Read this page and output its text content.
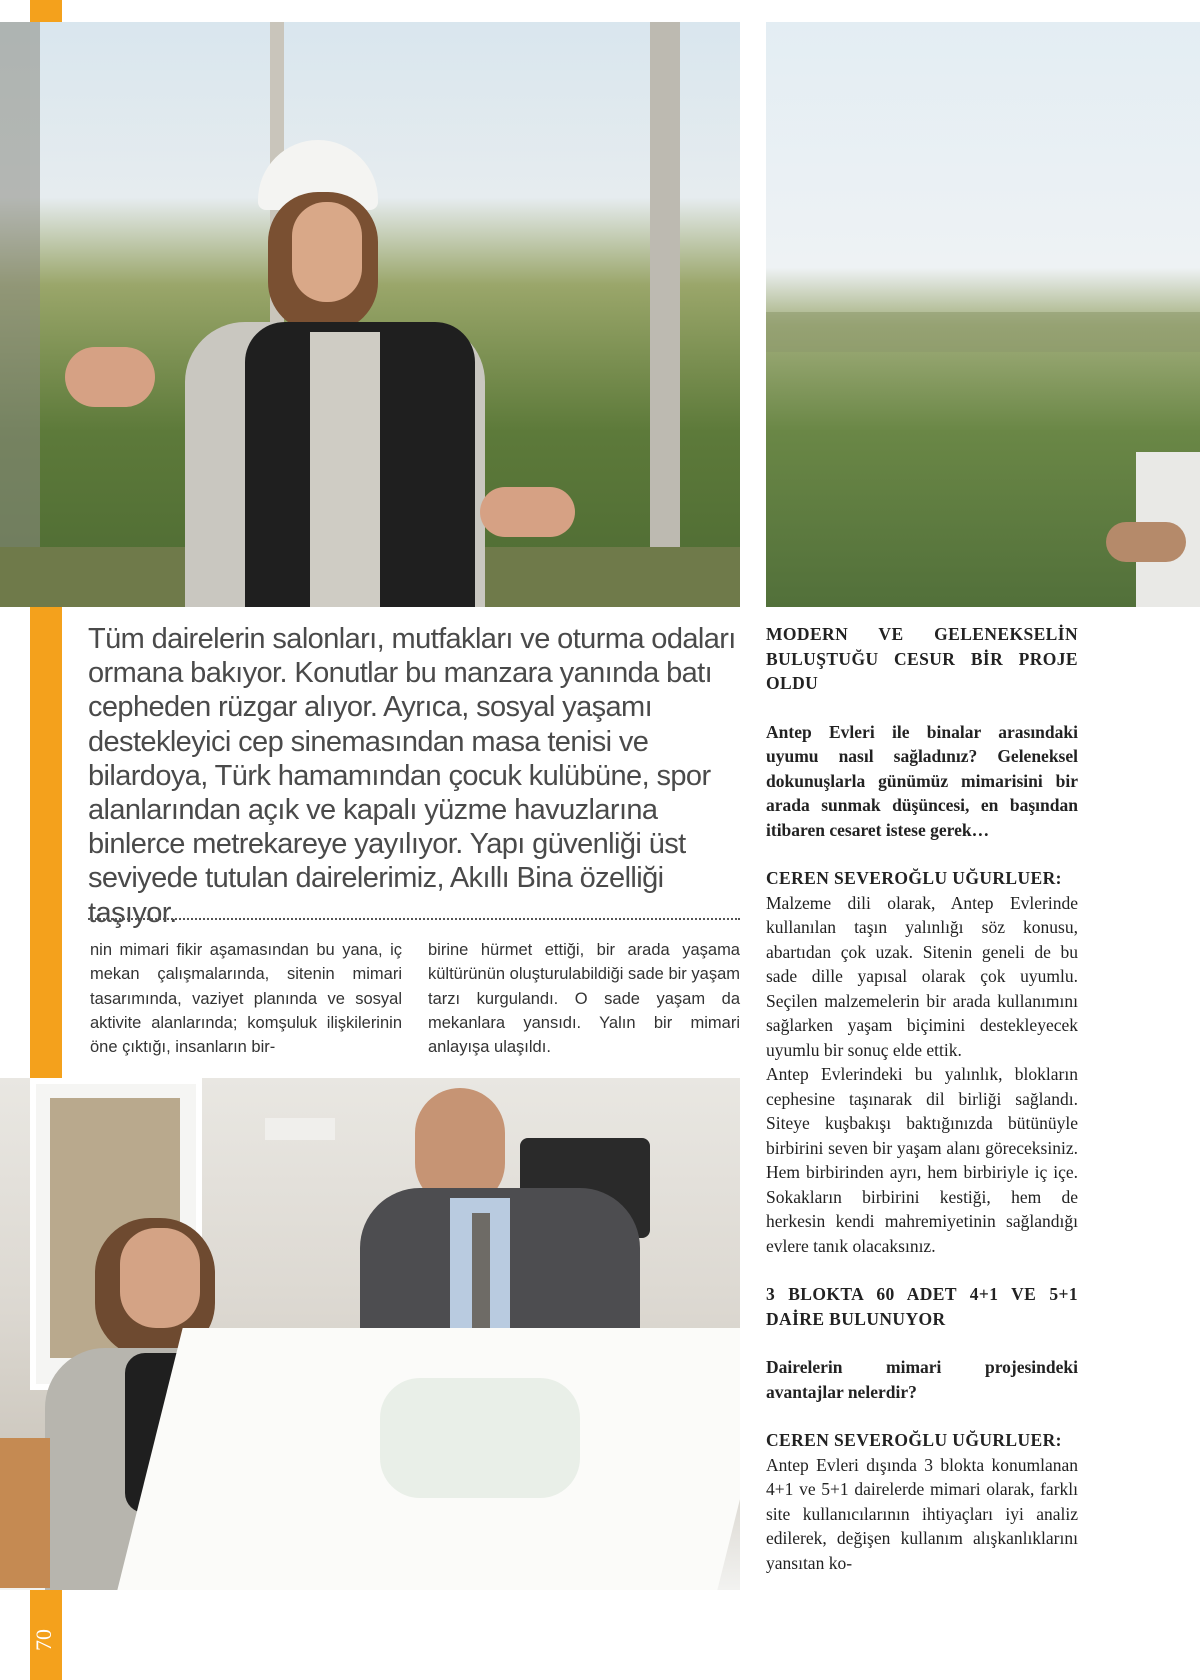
70
Tüm dairelerin salonları, mutfakları ve oturma odaları ormana bakıyor. Konutlar bu manzara yanında batı cepheden rüzgar alıyor. Ayrıca, sosyal yaşamı destekleyici cep sinemasından masa tenisi ve bilardoya, Türk hamamından çocuk kulübüne, spor alanlarından açık ve kapalı yüzme havuzlarına binlerce metrekareye yayılıyor. Yapı güvenliği üst seviyede tutulan dairelerimiz, Akıllı Bina özelliği taşıyor.
nin mimari fikir aşamasından bu yana, iç mekan çalışmalarında, sitenin mimari tasarımında, vaziyet planında ve sosyal aktivite alanlarında; komşuluk ilişkilerinin öne çıktığı, insanların bir-
birine hürmet ettiği, bir arada yaşama kültürünün oluşturulabildiği sade bir yaşam tarzı kurgulandı. O sade yaşam da mekanlara yansıdı. Yalın bir mimari anlayışa ulaşıldı.

MODERN VE GELENEKSELİN BULUŞTUĞU CESUR BİR PROJE OLDU

Antep Evleri ile binalar arasındaki uyumu nasıl sağladınız? Geleneksel dokunuşlarla günümüz mimarisini bir arada sunmak düşüncesi, en başından itibaren cesaret istese gerek…

CEREN SEVEROĞLU UĞURLUER:

Malzeme dili olarak, Antep Evlerinde kullanılan taşın yalınlığı söz konusu, abartıdan çok uzak. Sitenin geneli de bu sade dille yapısal olarak çok uyumlu. Seçilen malzemelerin bir arada kullanımını sağlarken yaşam biçimini destekleyecek uyumlu bir sonuç elde ettik.

Antep Evlerindeki bu yalınlık, blokların cephesine taşınarak dil birliği sağlandı. Siteye kuşbakışı baktığınızda bütünüyle birbirini seven bir yaşam alanı göreceksiniz. Hem birbirinden ayrı, hem birbiriyle iç içe. Sokakların birbirini kestiği, hem de herkesin kendi mahremiyetinin sağlandığı evlere tanık olacaksınız.

3 BLOKTA 60 ADET 4+1 VE 5+1 DAİRE BULUNUYOR

Dairelerin mimari projesindeki avantajlar nelerdir?

CEREN SEVEROĞLU UĞURLUER:

Antep Evleri dışında 3 blokta konumlanan 4+1 ve 5+1 dairelerde mimari olarak, farklı site kullanıcılarının ihtiyaçları iyi analiz edilerek, değişen kullanım alışkanlıklarını yansıtan ko-
